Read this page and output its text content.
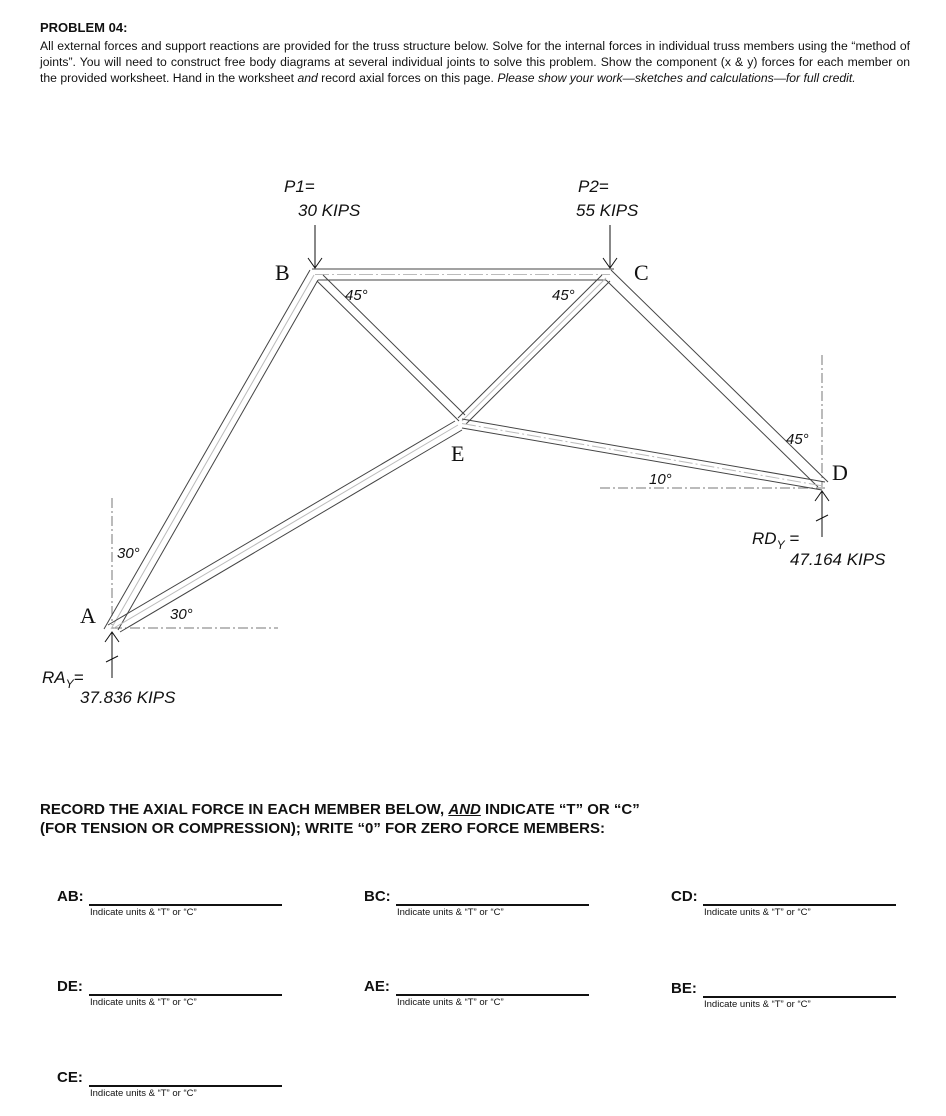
PROBLEM 04:

All external forces and support reactions are provided for the truss structure below. Solve for the internal forces in individual truss members using the “method of joints”. You will need to construct free body diagrams at several individual joints to solve this problem. Show the component (x & y) forces for each member on the provided worksheet. Hand in the worksheet and record axial forces on this page. Please show your work—sketches and calculations—for full credit.

B	C
E
D
A
P1=
30 KIPS
P2=
55 KIPS
45°	45°
45°
10°
30°
30°
$RA_Y=$
37.836 KIPS
$RD_Y$ =
47.164 KIPS
RECORD THE AXIAL FORCE IN EACH MEMBER BELOW, AND INDICATE “T” OR “C”
(FOR TENSION OR COMPRESSION); WRITE “0” FOR ZERO FORCE MEMBERS:
AB:
Indicate units & “T” or “C”
BC:
Indicate units & “T” or “C”
CD:
Indicate units & “T” or “C”
DE:
Indicate units & “T” or “C”
AE:
Indicate units & “T” or “C”
BE:
Indicate units & “T” or “C”
CE:
Indicate units & “T” or “C”
